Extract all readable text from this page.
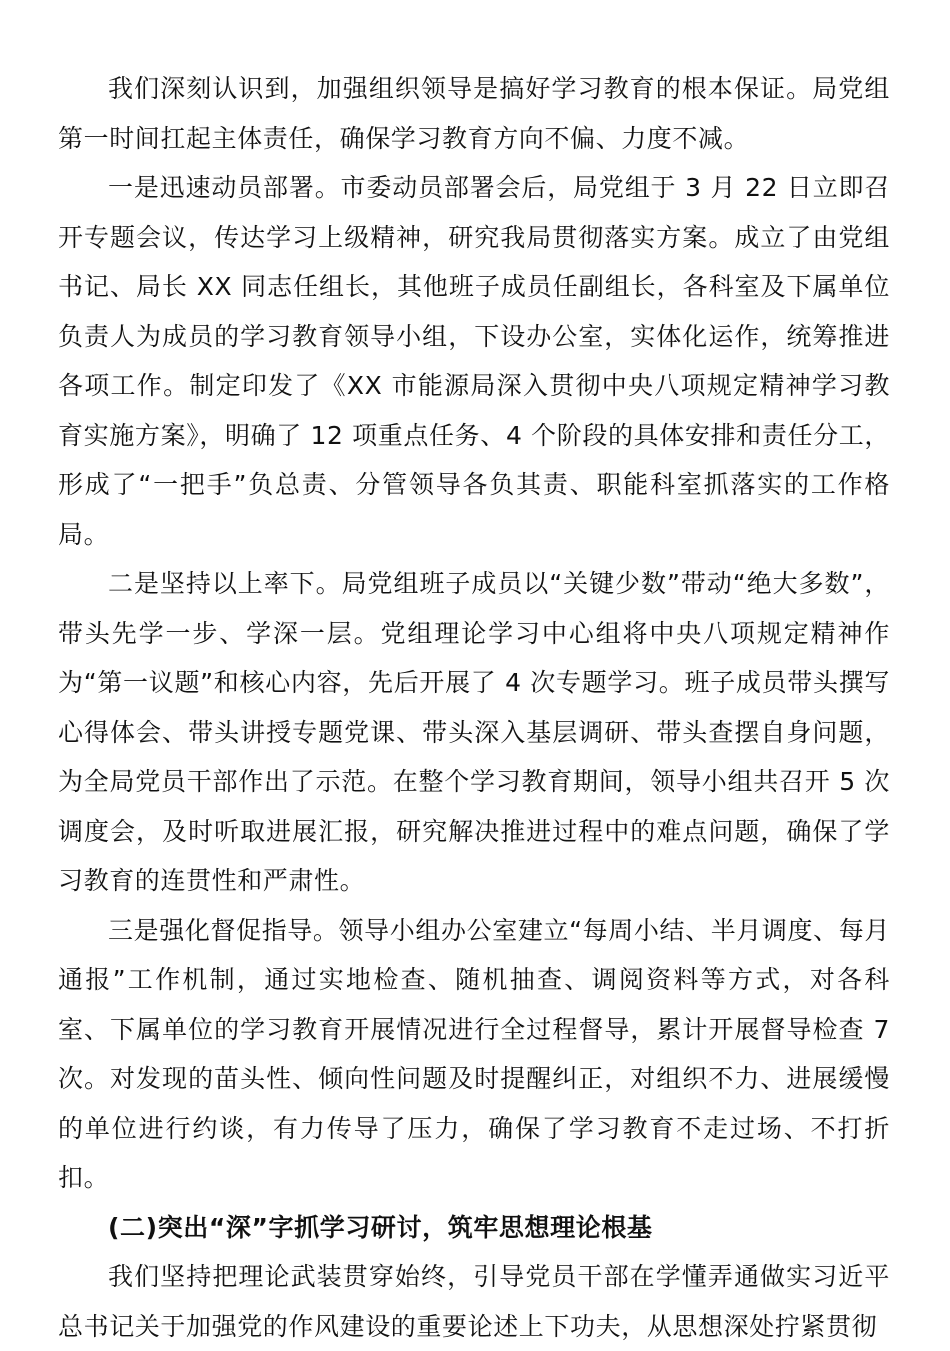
我们深刻认识到，加强组织领导是搞好学习教育的根本保证。局党组第一时间扛起主体责任，确保学习教育方向不偏、力度不减。

一是迅速动员部署。市委动员部署会后，局党组于 3 月 22 日立即召开专题会议，传达学习上级精神，研究我局贯彻落实方案。成立了由党组书记、局长 XX 同志任组长，其他班子成员任副组长，各科室及下属单位负责人为成员的学习教育领导小组，下设办公室，实体化运作，统筹推进各项工作。制定印发了《XX 市能源局深入贯彻中央八项规定精神学习教育实施方案》，明确了 12 项重点任务、4 个阶段的具体安排和责任分工，形成了“一把手”负总责、分管领导各负其责、职能科室抓落实的工作格局。

二是坚持以上率下。局党组班子成员以“关键少数”带动“绝大多数”，带头先学一步、学深一层。党组理论学习中心组将中央八项规定精神作为“第一议题”和核心内容，先后开展了 4 次专题学习。班子成员带头撰写心得体会、带头讲授专题党课、带头深入基层调研、带头查摆自身问题，为全局党员干部作出了示范。在整个学习教育期间，领导小组共召开 5 次调度会，及时听取进展汇报，研究解决推进过程中的难点问题，确保了学习教育的连贯性和严肃性。

三是强化督促指导。领导小组办公室建立“每周小结、半月调度、每月通报”工作机制，通过实地检查、随机抽查、调阅资料等方式，对各科室、下属单位的学习教育开展情况进行全过程督导，累计开展督导检查 7 次。对发现的苗头性、倾向性问题及时提醒纠正，对组织不力、进展缓慢的单位进行约谈，有力传导了压力，确保了学习教育不走过场、不打折扣。

(二)突出“深”字抓学习研讨，筑牢思想理论根基

我们坚持把理论武装贯穿始终，引导党员干部在学懂弄通做实习近平总书记关于加强党的作风建设的重要论述上下功夫，从思想深处拧紧贯彻
